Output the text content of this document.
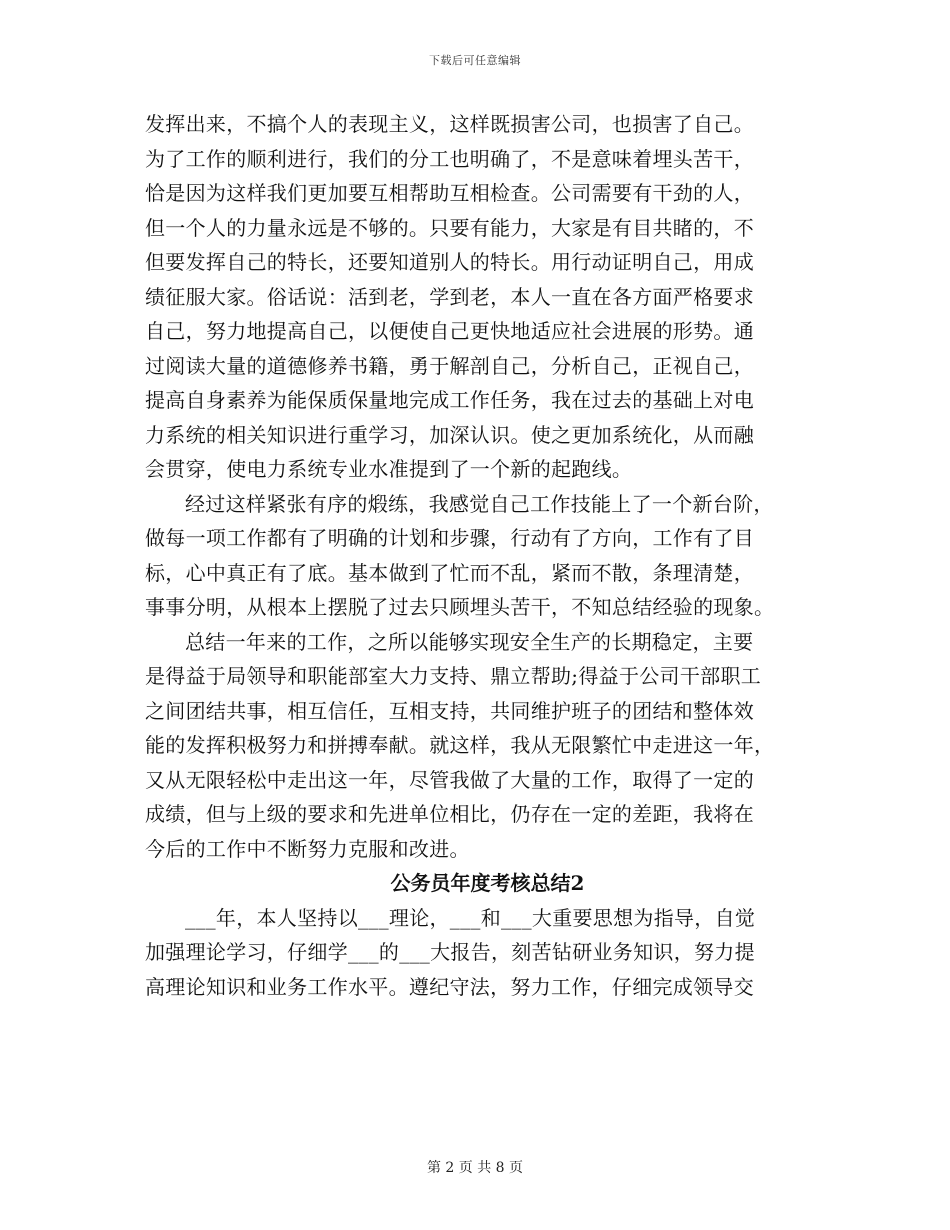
下载后可任意编辑
发挥出来，不搞个人的表现主义，这样既损害公司，也损害了自己。
为了工作的顺利进行，我们的分工也明确了，不是意味着埋头苦干，
恰是因为这样我们更加要互相帮助互相检查。公司需要有干劲的人，
但一个人的力量永远是不够的。只要有能力，大家是有目共睹的，不
但要发挥自己的特长，还要知道别人的特长。用行动证明自己，用成
绩征服大家。俗话说：活到老，学到老，本人一直在各方面严格要求
自己，努力地提高自己，以便使自己更快地适应社会进展的形势。通
过阅读大量的道德修养书籍，勇于解剖自己，分析自己，正视自己，
提高自身素养为能保质保量地完成工作任务，我在过去的基础上对电
力系统的相关知识进行重学习，加深认识。使之更加系统化，从而融
会贯穿，使电力系统专业水准提到了一个新的起跑线。
经过这样紧张有序的煅练，我感觉自己工作技能上了一个新台阶，
做每一项工作都有了明确的计划和步骤，行动有了方向，工作有了目
标，心中真正有了底。基本做到了忙而不乱，紧而不散，条理清楚，
事事分明，从根本上摆脱了过去只顾埋头苦干，不知总结经验的现象。
总结一年来的工作，之所以能够实现安全生产的长期稳定，主要
是得益于局领导和职能部室大力支持、鼎立帮助;得益于公司干部职工
之间团结共事，相互信任，互相支持，共同维护班子的团结和整体效
能的发挥积极努力和拼搏奉献。就这样，我从无限繁忙中走进这一年，
又从无限轻松中走出这一年，尽管我做了大量的工作，取得了一定的
成绩，但与上级的要求和先进单位相比，仍存在一定的差距，我将在
今后的工作中不断努力克服和改进。
公务员年度考核总结2
___年，本人坚持以___理论，___和___大重要思想为指导，自觉
加强理论学习，仔细学___的___大报告，刻苦钻研业务知识，努力提
高理论知识和业务工作水平。遵纪守法，努力工作，仔细完成领导交
第 2 页 共 8 页
